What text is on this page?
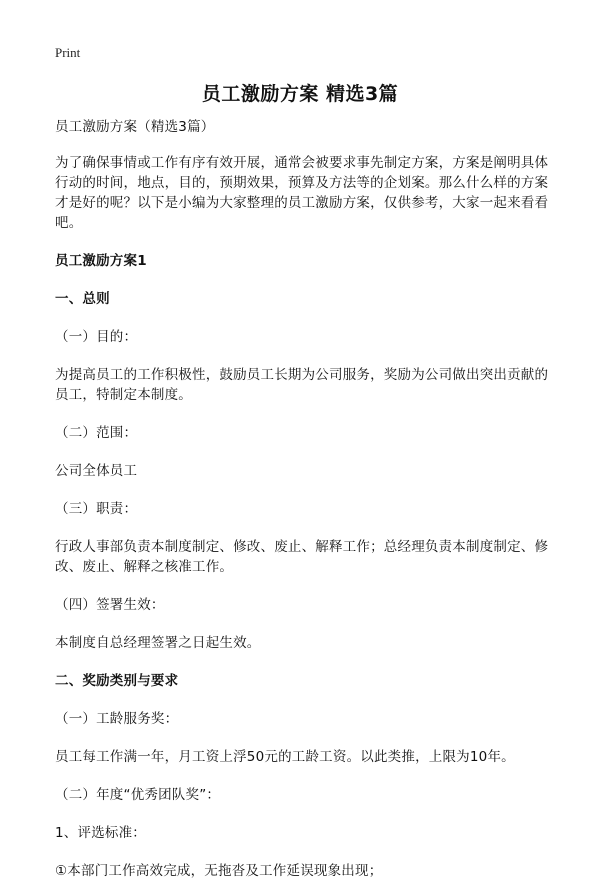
Print
员工激励方案 精选3篇

员工激励方案（精选3篇）

为了确保事情或工作有序有效开展，通常会被要求事先制定方案，方案是阐明具体行动的时间，地点，目的，预期效果，预算及方法等的企划案。那么什么样的方案才是好的呢？以下是小编为大家整理的员工激励方案，仅供参考，大家一起来看看吧。

员工激励方案1

一、总则

（一）目的：

为提高员工的工作积极性，鼓励员工长期为公司服务，奖励为公司做出突出贡献的员工，特制定本制度。

（二）范围：

公司全体员工

（三）职责：

行政人事部负责本制度制定、修改、废止、解释工作；总经理负责本制度制定、修改、废止、解释之核准工作。

（四）签署生效：

本制度自总经理签署之日起生效。

二、奖励类别与要求

（一）工龄服务奖：

员工每工作满一年，月工资上浮50元的工龄工资。以此类推，上限为10年。

（二）年度“优秀团队奖”：

1、评选标准：

①本部门工作高效完成，无拖沓及工作延误现象出现；
